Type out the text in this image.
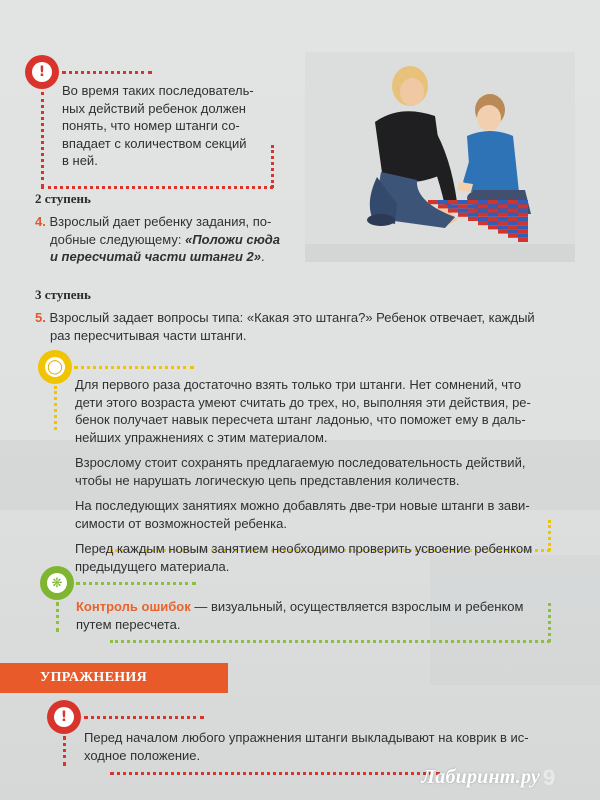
!
Во время таких последователь-
ных действий ребенок должен
понять, что номер штанги со-
впадает с количеством секций
в ней.
2 ступень
4. Взрослый дает ребенку задания, по-
добные следующему: «Положи сюда
и пересчитай части штанги 2».
3 ступень
5. Взрослый задает вопросы типа: «Какая это штанга?» Ребенок отвечает, каждый
раз пересчитывая части штанги.
◯
Для первого раза достаточно взять только три штанги. Нет сомнений, что
дети этого возраста умеют считать до трех, но, выполняя эти действия, ре-
бенок получает навык пересчета штанг ладонью, что поможет ему в даль-
нейших упражнениях с этим материалом.
Взрослому стоит сохранять предлагаемую последовательность действий,
чтобы не нарушать логическую цепь представления количеств.
На последующих занятиях можно добавлять две-три новые штанги в зави-
симости от возможностей ребенка.
Перед каждым новым занятием необходимо проверить усвоение ребенком
предыдущего материала.
❋
Контроль ошибок — визуальный, осуществляется взрослым и ребенком
путем пересчета.
УПРАЖНЕНИЯ
!
Перед началом любого упражнения штанги выкладывают на коврик в ис-
ходное положение.
Лабиринт.ру 9
